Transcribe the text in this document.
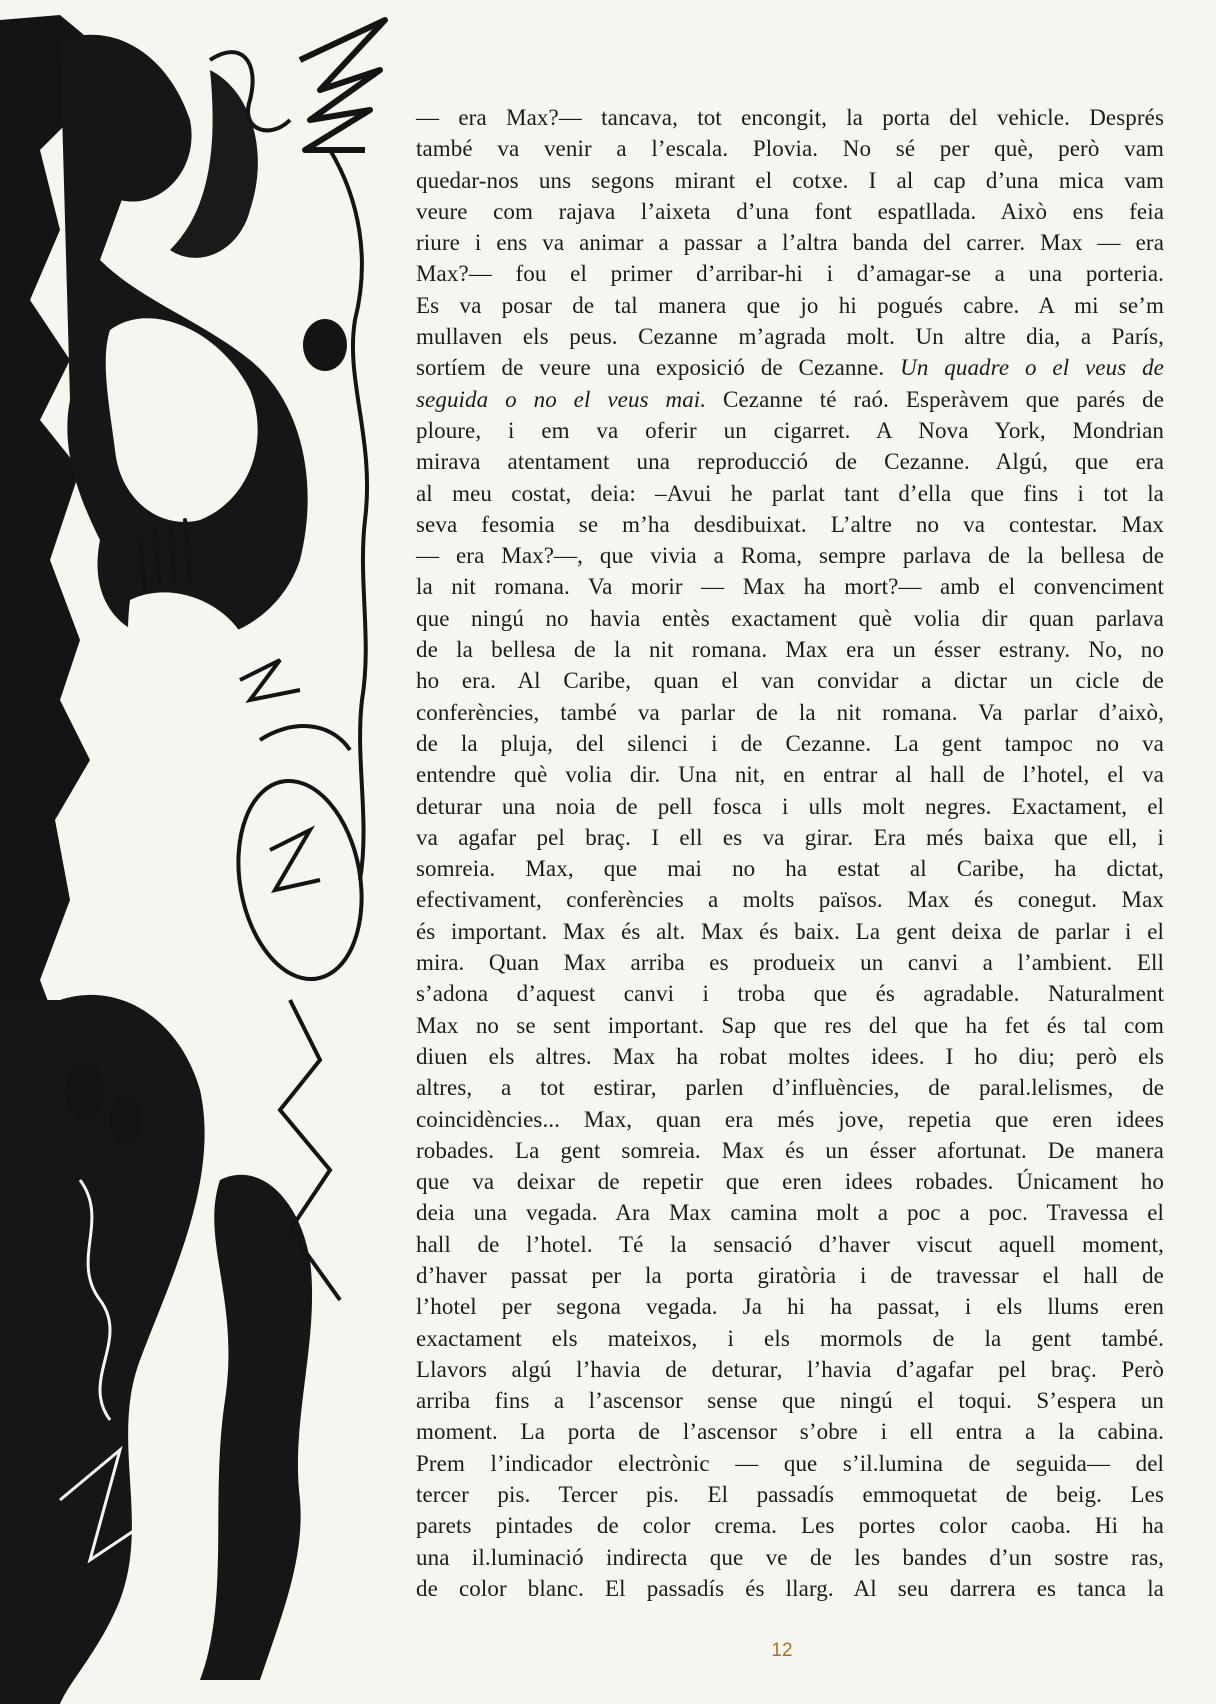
— era Max?— tancava, tot encongit, la porta del vehicle. Després
també va venir a l’escala. Plovia. No sé per què, però vam
quedar-nos uns segons mirant el cotxe. I al cap d’una mica vam
veure com rajava l’aixeta d’una font espatllada. Això ens feia
riure i ens va animar a passar a l’altra banda del carrer. Max — era
Max?— fou el primer d’arribar-hi i d’amagar-se a una porteria.
Es va posar de tal manera que jo hi pogués cabre. A mi se’m
mullaven els peus. Cezanne m’agrada molt. Un altre dia, a París,
sortíem de veure una exposició de Cezanne. Un quadre o el veus de
seguida o no el veus mai. Cezanne té raó. Esperàvem que parés de
ploure, i em va oferir un cigarret. A Nova York, Mondrian
mirava atentament una reproducció de Cezanne. Algú, que era
al meu costat, deia: –Avui he parlat tant d’ella que fins i tot la
seva fesomia se m’ha desdibuixat. L’altre no va contestar. Max
— era Max?—, que vivia a Roma, sempre parlava de la bellesa de
la nit romana. Va morir — Max ha mort?— amb el convenciment
que ningú no havia entès exactament què volia dir quan parlava
de la bellesa de la nit romana. Max era un ésser estrany. No, no
ho era. Al Caribe, quan el van convidar a dictar un cicle de
conferències, també va parlar de la nit romana. Va parlar d’això,
de la pluja, del silenci i de Cezanne. La gent tampoc no va
entendre què volia dir. Una nit, en entrar al hall de l’hotel, el va
deturar una noia de pell fosca i ulls molt negres. Exactament, el
va agafar pel braç. I ell es va girar. Era més baixa que ell, i
somreia. Max, que mai no ha estat al Caribe, ha dictat,
efectivament, conferències a molts països. Max és conegut. Max
és important. Max és alt. Max és baix. La gent deixa de parlar i el
mira. Quan Max arriba es produeix un canvi a l’ambient. Ell
s’adona d’aquest canvi i troba que és agradable. Naturalment
Max no se sent important. Sap que res del que ha fet és tal com
diuen els altres. Max ha robat moltes idees. I ho diu; però els
altres, a tot estirar, parlen d’influències, de paral.lelismes, de
coincidències... Max, quan era més jove, repetia que eren idees
robades. La gent somreia. Max és un ésser afortunat. De manera
que va deixar de repetir que eren idees robades. Únicament ho
deia una vegada. Ara Max camina molt a poc a poc. Travessa el
hall de l’hotel. Té la sensació d’haver viscut aquell moment,
d’haver passat per la porta giratòria i de travessar el hall de
l’hotel per segona vegada. Ja hi ha passat, i els llums eren
exactament els mateixos, i els mormols de la gent també.
Llavors algú l’havia de deturar, l’havia d’agafar pel braç. Però
arriba fins a l’ascensor sense que ningú el toqui. S’espera un
moment. La porta de l’ascensor s’obre i ell entra a la cabina.
Prem l’indicador electrònic — que s’il.lumina de seguida— del
tercer pis. Tercer pis. El passadís emmoquetat de beig. Les
parets pintades de color crema. Les portes color caoba. Hi ha
una il.luminació indirecta que ve de les bandes d’un sostre ras,
de color blanc. El passadís és llarg. Al seu darrera es tanca la
12
